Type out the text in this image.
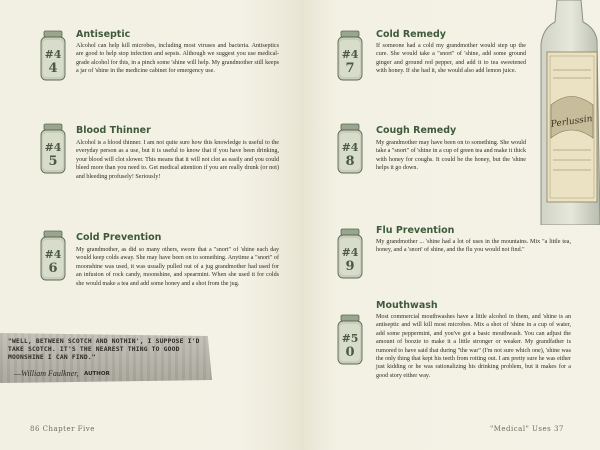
#4
4
Antiseptic
Alcohol can help kill microbes, including most viruses and bacteria. Antiseptics are good to help stop infection and sepsis. Although we suggest you use medical-grade alcohol for this, in a pinch some 'shine will help. My grandmother still keeps a jar of 'shine in the medicine cabinet for emergency use.
#4
5
Blood Thinner
Alcohol is a blood thinner. I am not quite sure how this knowledge is useful to the everyday person as a use, but it is useful to know that if you have been drinking, your blood will clot slower. This means that it will not clot as easily and you could bleed more than you need to. Get medical attention if you are really drunk (or not) and bleeding profusely! Seriously!
#4
6
Cold Prevention
My grandmother, as did so many others, swore that a "snort" of 'shine each day would keep colds away. She may have been on to something. Anytime a "snort" of moonshine was used, it was usually pulled out of a jug grandmother had used for an infusion of rock candy, moonshine, and spearmint. When she used it for colds she would make a tea and add some honey and a shot from the jug.
"WELL, BETWEEN SCOTCH AND NOTHIN', I SUPPOSE I'D TAKE SCOTCH. IT'S THE NEAREST THING TO GOOD MOONSHINE I CAN FIND."
—William Faulkner, AUTHOR
86 Chapter Five	"Medical" Uses 37
#4
7
Cold Remedy
If someone had a cold my grandmother would step up the cure. She would take a "snort" of 'shine, add some ground ginger and ground red pepper, and add it to tea sweetened with honey. If she had it, she would also add lemon juice.
#4
8
Cough Remedy
My grandmother may have been on to something. She would take a "snort" of 'shine in a cup of green tea and make it thick with honey for coughs. It could be the honey, but the 'shine helps it go down.
#4
9
Flu Prevention
My grandmother ... 'shine had a lot of uses in the mountains. Mix "a little tea, honey, and a 'snort' of shine, and the flu you would not find."
#5
0
Mouthwash
Most commercial mouthwashes have a little alcohol in them, and 'shine is an antiseptic and will kill most microbes. Mix a shot of 'shine in a cup of water, add some peppermint, and you've got a basic mouthwash. You can adjust the amount of boozie to make it a little stronger or weaker. My grandfather is rumored to have said that during "the war" (I'm not sure which one), 'shine was the only thing that kept his teeth from rotting out. I am pretty sure he was either just kidding or he was rationalizing his drinking problem, but it makes for a good story either way.
Perlussin
